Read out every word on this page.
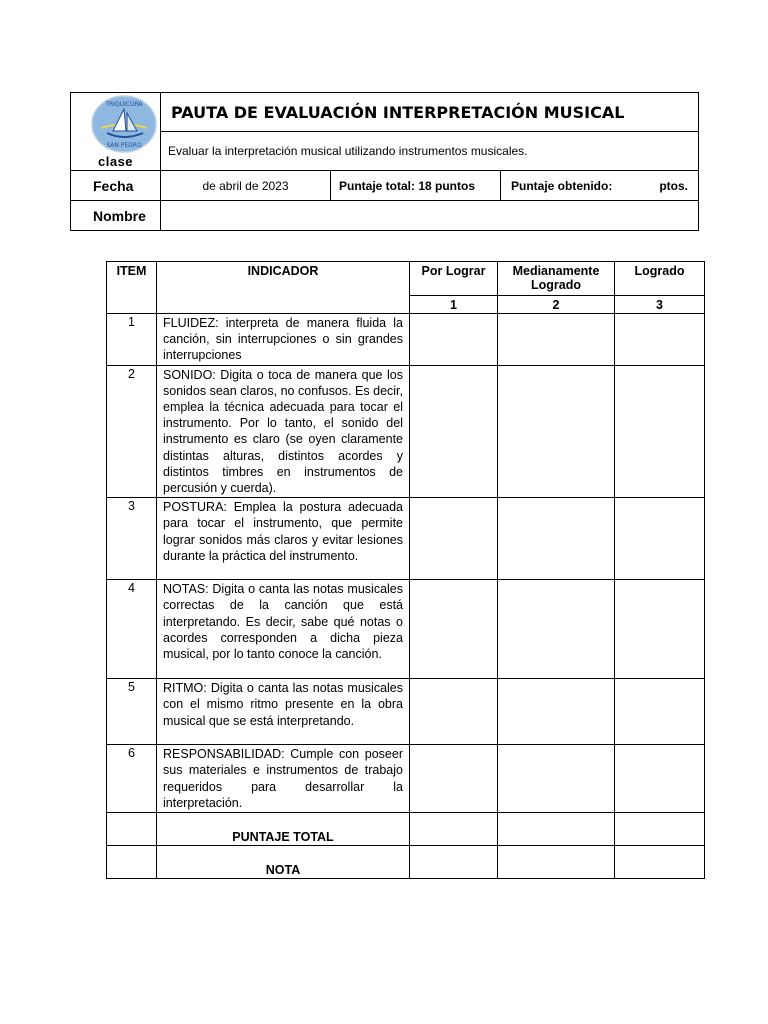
TRIQUICURA
SAN PEDRO
clase	PAUTA DE EVALUACIÓN INTERPRETACIÓN MUSICAL		
	Evaluar la interpretación musical utilizando instrumentos musicales.		
Fecha	de abril de 2023	Puntaje total: 18 puntos	Puntaje obtenido: ptos.

Nombre			
ITEM	INDICADOR	Por Lograr	Medianamente Logrado	Logrado
		1	2	3
1	FLUIDEZ: interpreta de manera fluida la canción, sin interrupciones o sin grandes interrupciones			
2	SONIDO: Digita o toca de manera que los sonidos sean claros, no confusos. Es decir, emplea la técnica adecuada para tocar el instrumento. Por lo tanto, el sonido del instrumento es claro (se oyen claramente distintas alturas, distintos acordes y distintos timbres en instrumentos de percusión y cuerda).			
3	POSTURA: Emplea la postura adecuada para tocar el instrumento, que permite lograr sonidos más claros y evitar lesiones durante la práctica del instrumento.			
4	NOTAS: Digita o canta las notas musicales correctas de la canción que está interpretando. Es decir, sabe qué notas o acordes corresponden a dicha pieza musical, por lo tanto conoce la canción.			
5	RITMO: Digita o canta las notas musicales con el mismo ritmo presente en la obra musical que se está interpretando.			
6	RESPONSABILIDAD: Cumple con poseer sus materiales e instrumentos de trabajo requeridos para desarrollar la interpretación.			
	PUNTAJE TOTAL			
	NOTA			
